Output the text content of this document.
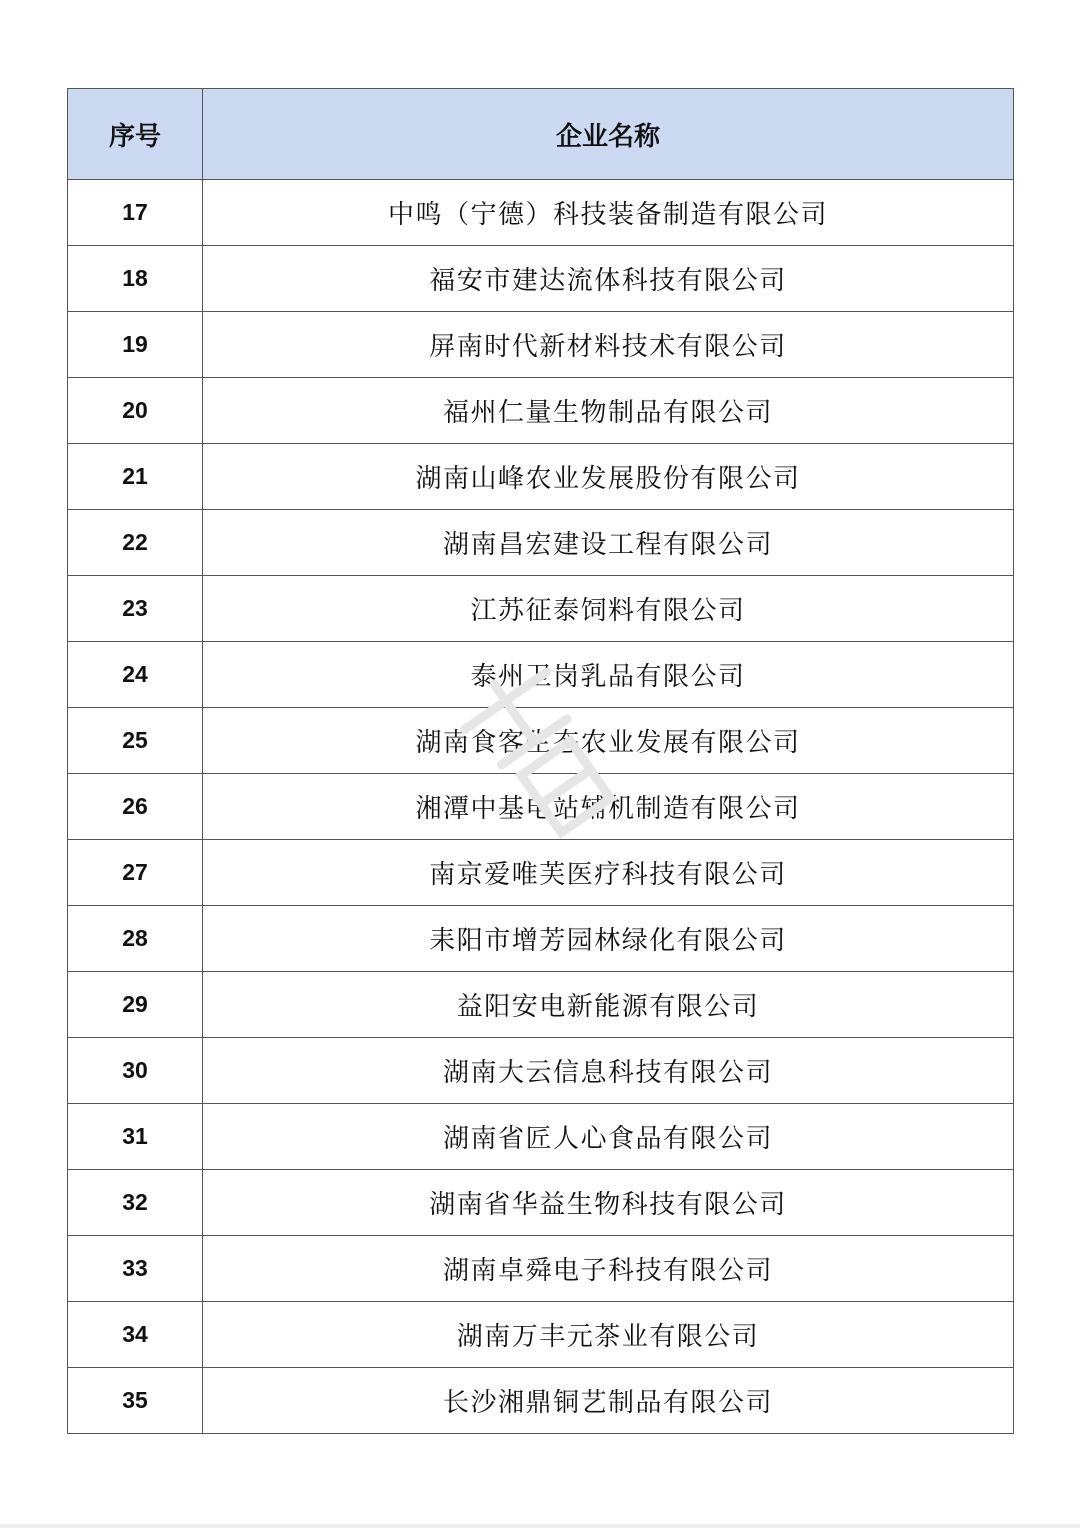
序号	企业名称
17	中鸣（宁德）科技装备制造有限公司
18	福安市建达流体科技有限公司
19	屏南时代新材料技术有限公司
20	福州仁量生物制品有限公司
21	湖南山峰农业发展股份有限公司
22	湖南昌宏建设工程有限公司
23	江苏征泰饲料有限公司
24	泰州卫岗乳品有限公司
25	湖南食客生态农业发展有限公司
26	湘潭中基电站辅机制造有限公司
27	南京爱唯芙医疗科技有限公司
28	耒阳市增芳园林绿化有限公司
29	益阳安电新能源有限公司
30	湖南大云信息科技有限公司
31	湖南省匠人心食品有限公司
32	湖南省华益生物科技有限公司
33	湖南卓舜电子科技有限公司
34	湖南万丰元茶业有限公司
35	长沙湘鼎铜艺制品有限公司
